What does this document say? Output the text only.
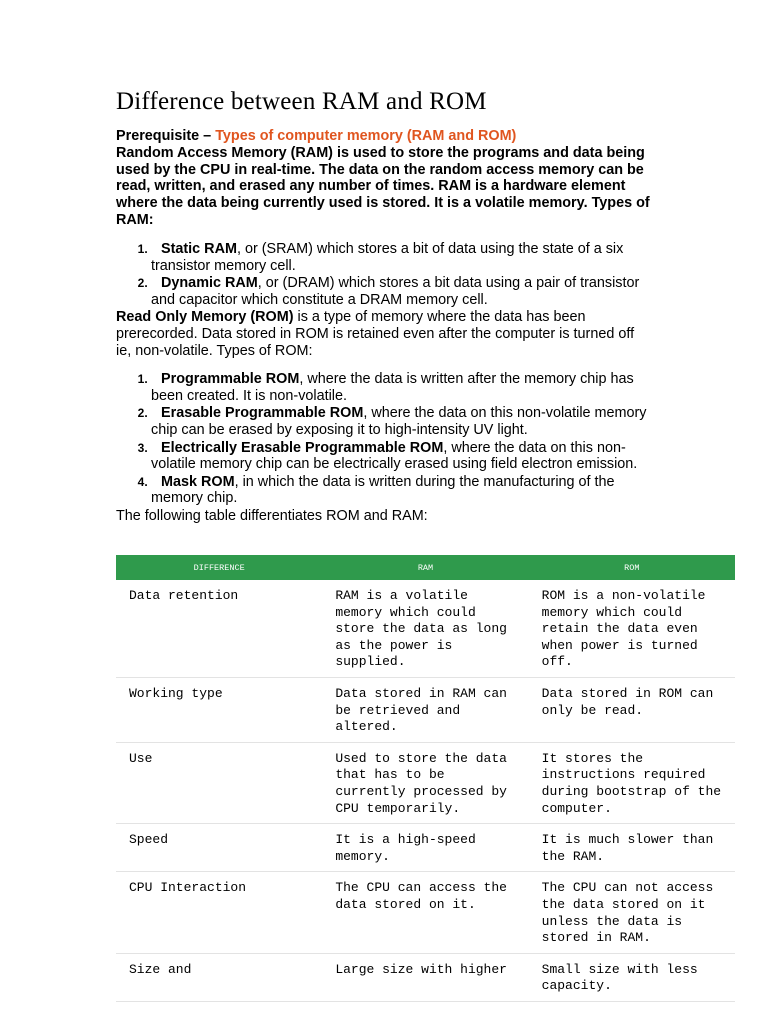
Difference between RAM and ROM

Prerequisite – Types of computer memory (RAM and ROM)

Random Access Memory (RAM) is used to store the programs and data being used by the CPU in real-time. The data on the random access memory can be read, written, and erased any number of times. RAM is a hardware element where the data being currently used is stored. It is a volatile memory. Types of RAM:

1. Static RAM, or (SRAM) which stores a bit of data using the state of a six transistor memory cell.
2. Dynamic RAM, or (DRAM) which stores a bit data using a pair of transistor and capacitor which constitute a DRAM memory cell.

Read Only Memory (ROM) is a type of memory where the data has been prerecorded. Data stored in ROM is retained even after the computer is turned off ie, non-volatile. Types of ROM:

1. Programmable ROM, where the data is written after the memory chip has been created. It is non-volatile.
2. Erasable Programmable ROM, where the data on this non-volatile memory chip can be erased by exposing it to high-intensity UV light.
3. Electrically Erasable Programmable ROM, where the data on this non-volatile memory chip can be electrically erased using field electron emission.
4. Mask ROM, in which the data is written during the manufacturing of the memory chip.

The following table differentiates ROM and RAM:

DIFFERENCE	RAM	ROM
Data retention	RAM is a volatile memory which could store the data as long as the power is supplied.	ROM is a non-volatile memory which could retain the data even when power is turned off.
Working type	Data stored in RAM can be retrieved and altered.	Data stored in ROM can only be read.
Use	Used to store the data that has to be currently processed by CPU temporarily.	It stores the instructions required during bootstrap of the computer.
Speed	It is a high-speed memory.	It is much slower than the RAM.
CPU Interaction	The CPU can access the data stored on it.	The CPU can not access the data stored on it unless the data is stored in RAM.
Size and	Large size with higher	Small size with less capacity.
